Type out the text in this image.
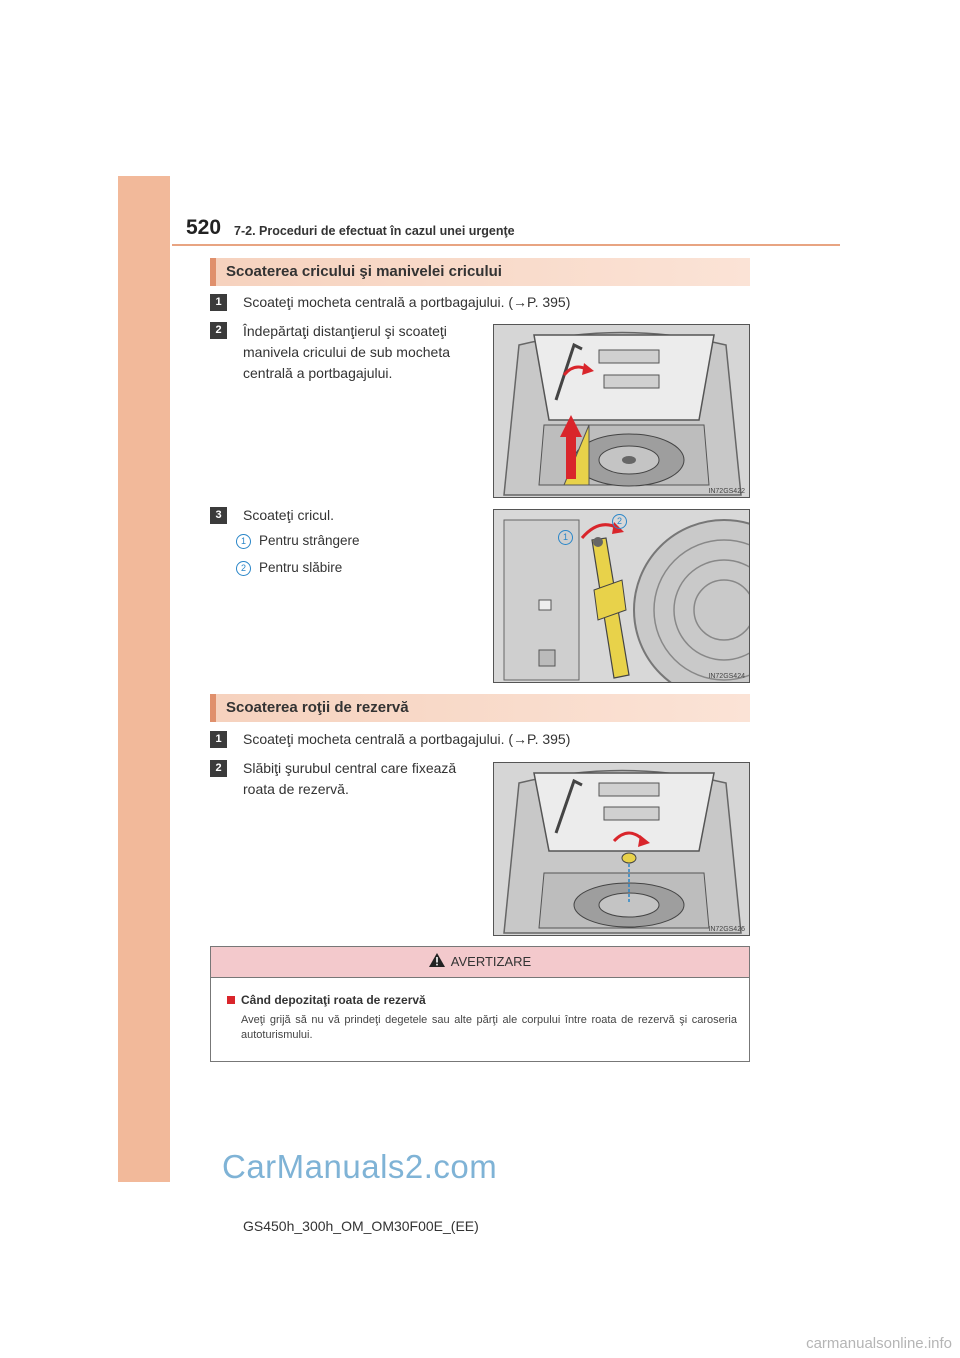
520 7-2. Proceduri de efectuat în cazul unei urgenţe
Scoaterea cricului şi manivelei cricului
1	Scoateţi mocheta centrală a portbagajului. (→P. 395)
2	Îndepărtaţi distanţierul şi scoateţi manivela cricului de sub mocheta centrală a portbagajului.
IN72GS422
3	Scoateţi cricul.
1 Pentru strângere
2 Pentru slăbire
IN72GS424
1
2
Scoaterea roţii de rezervă
1	Scoateţi mocheta centrală a portbagajului. (→P. 395)
2	Slăbiţi şurubul central care fixează roata de rezervă.
IN72GS426
AVERTIZARE
Când depozitaţi roata de rezervă
Aveţi grijă să nu vă prindeţi degetele sau alte părţi ale corpului între roata de rezervă şi caroseria autoturismului.
CarManuals2.com
GS450h_300h_OM_OM30F00E_(EE)
carmanualsonline.info
